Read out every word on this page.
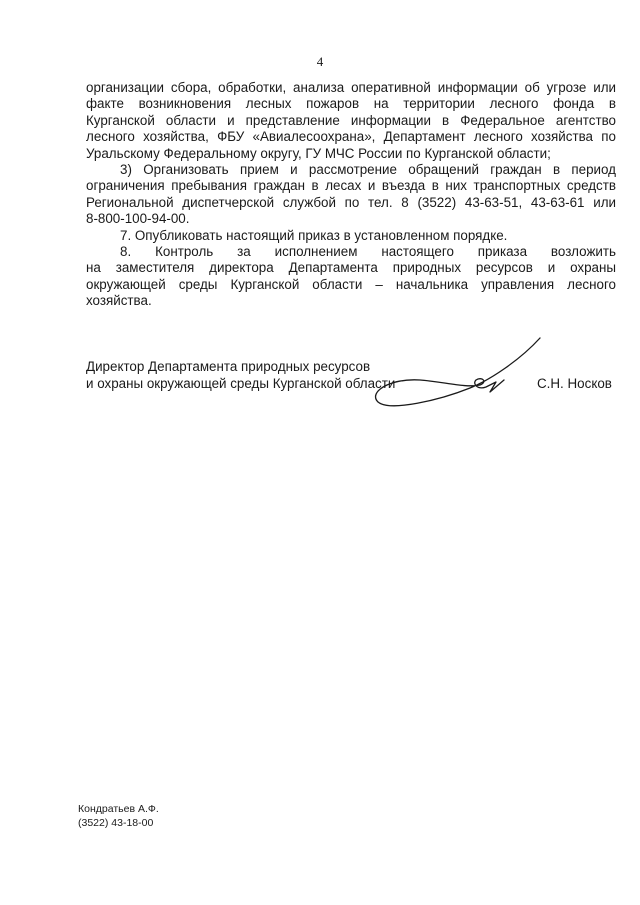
4
организации сбора, обработки, анализа оперативной информации об угрозе или
факте возникновения лесных пожаров на территории лесного фонда в
Курганской области и представление информации в Федеральное агентство
лесного хозяйства, ФБУ «Авиалесоохрана», Департамент лесного хозяйства по
Уральскому Федеральному округу, ГУ МЧС России по Курганской области;
3) Организовать прием и рассмотрение обращений граждан в период
ограничения пребывания граждан в лесах и въезда в них транспортных средств
Региональной диспетчерской службой по тел. 8 (3522) 43-63-51, 43-63-61 или
8-800-100-94-00.
7. Опубликовать настоящий приказ в установленном порядке.
8. Контроль за исполнением настоящего приказа возложить
на заместителя директора Департамента природных ресурсов и охраны
окружающей среды Курганской области – начальника управления лесного
хозяйства.
Директор Департамента природных ресурсов
и охраны окружающей среды Курганской области	С.Н. Носков
Кондратьев А.Ф.
(3522) 43-18-00
